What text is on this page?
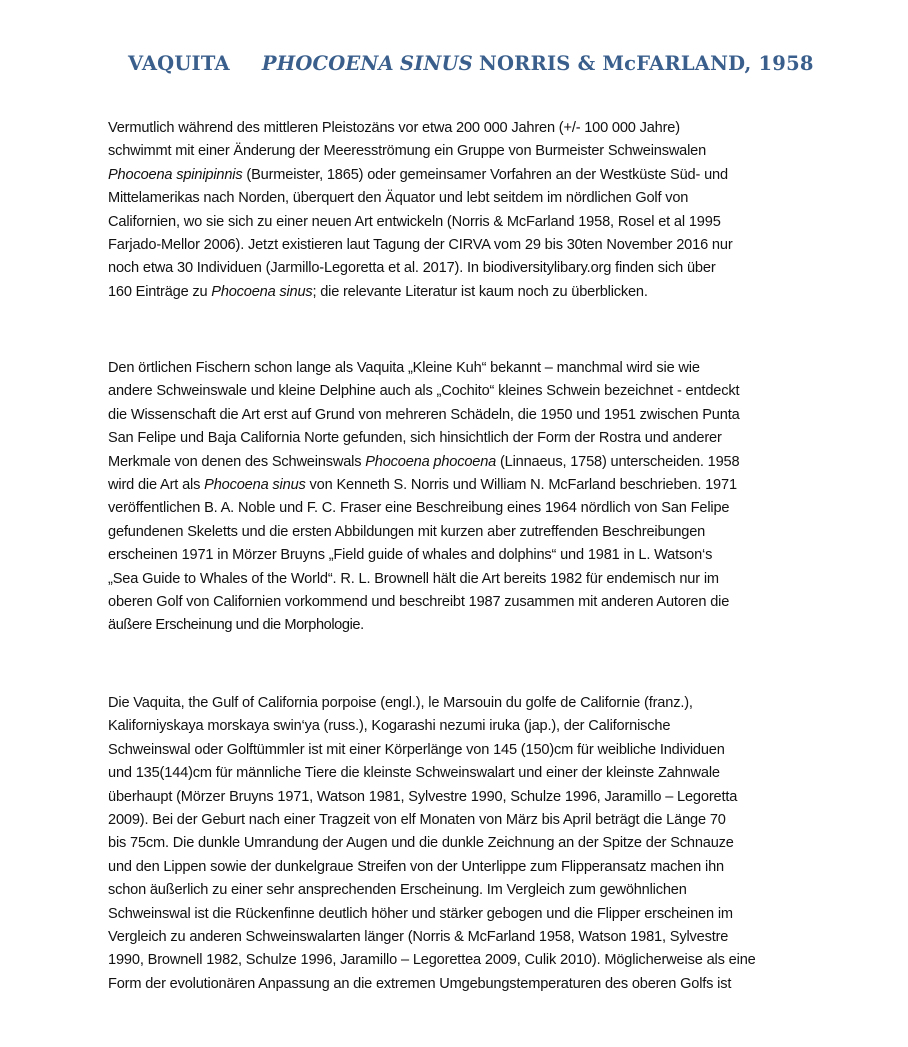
VAQUITA PHOCOENA SINUS NORRIS & McFARLAND, 1958
Vermutlich während des mittleren Pleistozäns vor etwa 200 000 Jahren (+/- 100 000 Jahre)
schwimmt mit einer Änderung der Meeresströmung ein Gruppe von Burmeister Schweinswalen
Phocoena spinipinnis (Burmeister, 1865) oder gemeinsamer Vorfahren an der Westküste Süd- und
Mittelamerikas nach Norden, überquert den Äquator und lebt seitdem im nördlichen Golf von
Californien, wo sie sich zu einer neuen Art entwickeln (Norris & McFarland 1958, Rosel et al 1995
Farjado-Mellor 2006). Jetzt existieren laut Tagung der CIRVA vom 29 bis 30ten November 2016 nur
noch etwa 30 Individuen (Jarmillo-Legoretta et al. 2017). In biodiversitylibary.org finden sich über
160 Einträge zu Phocoena sinus; die relevante Literatur ist kaum noch zu überblicken.
Den örtlichen Fischern schon lange als Vaquita „Kleine Kuh“ bekannt – manchmal wird sie wie
andere Schweinswale und kleine Delphine auch als „Cochito“ kleines Schwein bezeichnet - entdeckt
die Wissenschaft die Art erst auf Grund von mehreren Schädeln, die 1950 und 1951 zwischen Punta
San Felipe und Baja California Norte gefunden, sich hinsichtlich der Form der Rostra und anderer
Merkmale von denen des Schweinswals Phocoena phocoena (Linnaeus, 1758) unterscheiden. 1958
wird die Art als Phocoena sinus von Kenneth S. Norris und William N. McFarland beschrieben. 1971
veröffentlichen B. A. Noble und F. C. Fraser eine Beschreibung eines 1964 nördlich von San Felipe
gefundenen Skeletts und die ersten Abbildungen mit kurzen aber zutreffenden Beschreibungen
erscheinen 1971 in Mörzer Bruyns „Field guide of whales and dolphins“ und 1981 in L. Watson‘s
„Sea Guide to Whales of the World“. R. L. Brownell hält die Art bereits 1982 für endemisch nur im
oberen Golf von Californien vorkommend und beschreibt 1987 zusammen mit anderen Autoren die
äußere Erscheinung und die Morphologie.
Die Vaquita, the Gulf of California porpoise (engl.), le Marsouin du golfe de Californie (franz.),
Kaliforniyskaya morskaya swin‘ya (russ.), Kogarashi nezumi iruka (jap.), der Californische
Schweinswal oder Golftümmler ist mit einer Körperlänge von 145 (150)cm für weibliche Individuen
und 135(144)cm für männliche Tiere die kleinste Schweinswalart und einer der kleinste Zahnwale
überhaupt (Mörzer Bruyns 1971, Watson 1981, Sylvestre 1990, Schulze 1996, Jaramillo – Legoretta
2009). Bei der Geburt nach einer Tragzeit von elf Monaten von März bis April beträgt die Länge 70
bis 75cm. Die dunkle Umrandung der Augen und die dunkle Zeichnung an der Spitze der Schnauze
und den Lippen sowie der dunkelgraue Streifen von der Unterlippe zum Flipperansatz machen ihn
schon äußerlich zu einer sehr ansprechenden Erscheinung. Im Vergleich zum gewöhnlichen
Schweinswal ist die Rückenfinne deutlich höher und stärker gebogen und die Flipper erscheinen im
Vergleich zu anderen Schweinswalarten länger (Norris & McFarland 1958, Watson 1981, Sylvestre
1990, Brownell 1982, Schulze 1996, Jaramillo – Legorettea 2009, Culik 2010). Möglicherweise als eine
Form der evolutionären Anpassung an die extremen Umgebungstemperaturen des oberen Golfs ist
